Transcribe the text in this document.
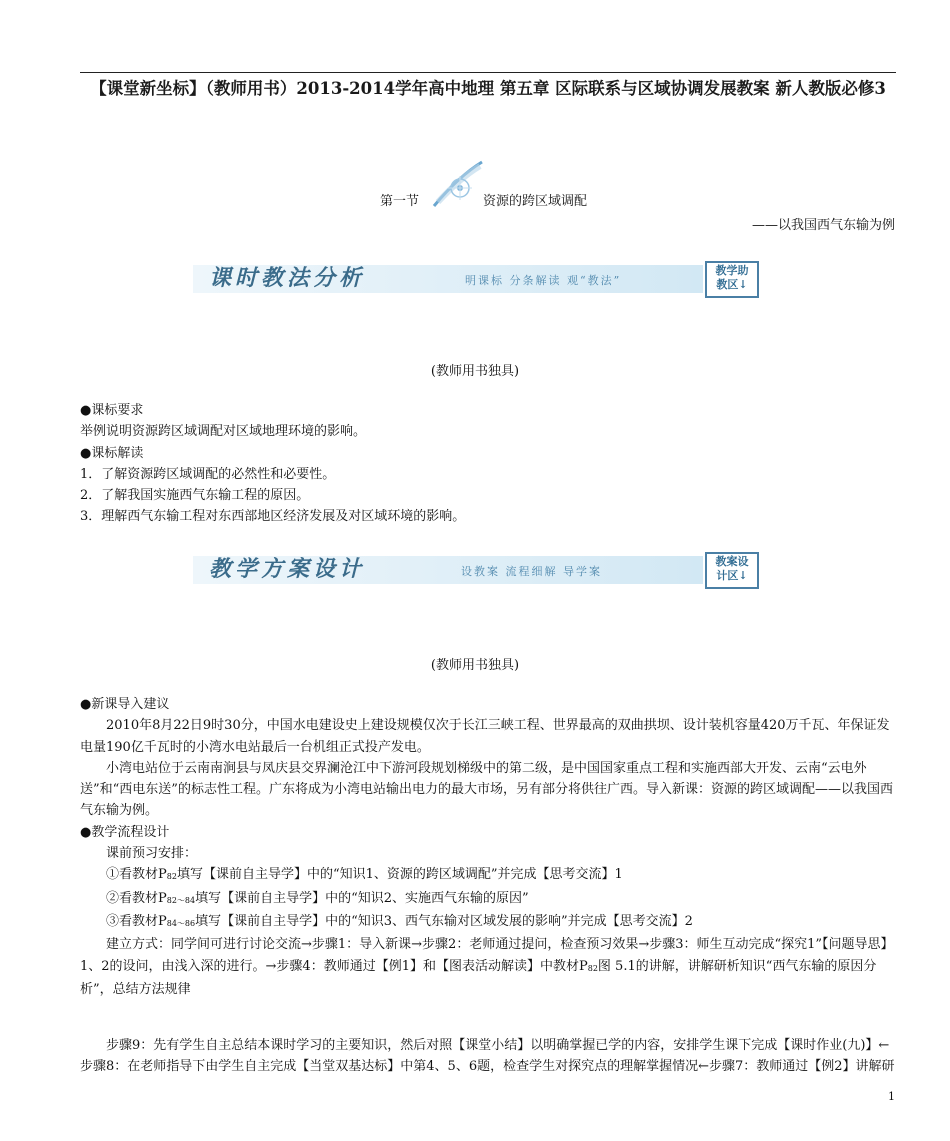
【课堂新坐标】（教师用书）2013-2014学年高中地理 第五章 区际联系与区域协调发展教案 新人教版必修3
第一节	资源的跨区域调配
——以我国西气东输为例
课时教法分析	明课标 分条解读 观“教法”
教学助
教区↓
(教师用书独具)

●课标要求

举例说明资源跨区域调配对区域地理环境的影响。

●课标解读

1．了解资源跨区域调配的必然性和必要性。

2．了解我国实施西气东输工程的原因。

3．理解西气东输工程对东西部地区经济发展及对区域环境的影响。

教学方案设计	设教案 流程细解 导学案
教案设
计区↓
(教师用书独具)

●新课导入建议

2010年8月22日9时30分，中国水电建设史上建设规模仅次于长江三峡工程、世界最高的双曲拱坝、设计装机容量420万千瓦、年保证发电量190亿千瓦时的小湾水电站最后一台机组正式投产发电。

小湾电站位于云南南涧县与凤庆县交界澜沧江中下游河段规划梯级中的第二级，是中国国家重点工程和实施西部大开发、云南“云电外送”和“西电东送”的标志性工程。广东将成为小湾电站输出电力的最大市场，另有部分将供往广西。导入新课：资源的跨区域调配——以我国西气东输为例。

●教学流程设计

课前预习安排：

①看教材P82填写【课前自主导学】中的“知识1、资源的跨区域调配”并完成【思考交流】1

②看教材P82～84填写【课前自主导学】中的“知识2、实施西气东输的原因”

③看教材P84～86填写【课前自主导学】中的“知识3、西气东输对区域发展的影响”并完成【思考交流】2

建立方式：同学间可进行讨论交流→步骤1：导入新课→步骤2：老师通过提问，检查预习效果→步骤3：师生互动完成“探究1”【问题导思】1、2的设问，由浅入深的进行。→步骤4：教师通过【例1】和【图表活动解读】中教材P82图 5.1的讲解，讲解研析知识“西气东输的原因分析”，总结方法规律

步骤9：先有学生自主总结本课时学习的主要知识，然后对照【课堂小结】以明确掌握已学的内容，安排学生课下完成【课时作业(九)】←步骤8：在老师指导下由学生自主完成【当堂双基达标】中第4、5、6题，检查学生对探究点的理解掌握情况←步骤7：教师通过【例2】讲解研

1
